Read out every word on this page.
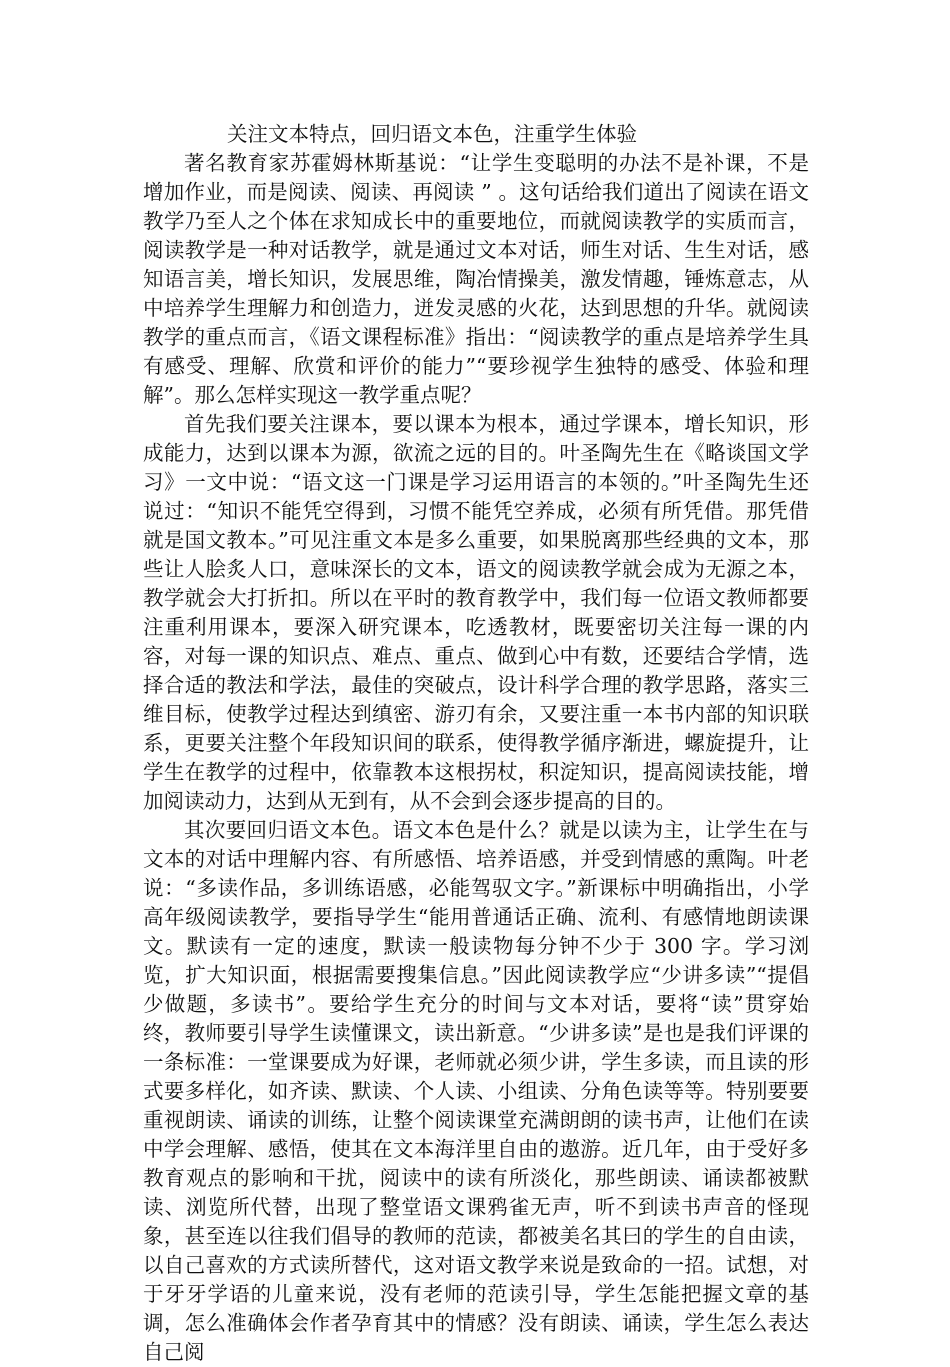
关注文本特点，回归语文本色，注重学生体验

著名教育家苏霍姆林斯基说：“让学生变聪明的办法不是补课，不是增加作业，而是阅读、阅读、再阅读 ” 。这句话给我们道出了阅读在语文教学乃至人之个体在求知成长中的重要地位，而就阅读教学的实质而言，阅读教学是一种对话教学，就是通过文本对话，师生对话、生生对话，感知语言美，增长知识，发展思维，陶冶情操美，激发情趣，锤炼意志，从中培养学生理解力和创造力，迸发灵感的火花，达到思想的升华。就阅读教学的重点而言，《语文课程标准》指出：“阅读教学的重点是培养学生具有感受、理解、欣赏和评价的能力”“要珍视学生独特的感受、体验和理解”。那么怎样实现这一教学重点呢？

首先我们要关注课本，要以课本为根本，通过学课本，增长知识，形成能力，达到以课本为源，欲流之远的目的。叶圣陶先生在《略谈国文学习》一文中说：“语文这一门课是学习运用语言的本领的。”叶圣陶先生还说过：“知识不能凭空得到，习惯不能凭空养成，必须有所凭借。那凭借就是国文教本。”可见注重文本是多么重要，如果脱离那些经典的文本，那些让人脍炙人口，意味深长的文本，语文的阅读教学就会成为无源之本，教学就会大打折扣。所以在平时的教育教学中，我们每一位语文教师都要注重利用课本，要深入研究课本，吃透教材，既要密切关注每一课的内容，对每一课的知识点、难点、重点、做到心中有数，还要结合学情，选择合适的教法和学法，最佳的突破点，设计科学合理的教学思路，落实三维目标，使教学过程达到缜密、游刃有余，又要注重一本书内部的知识联系，更要关注整个年段知识间的联系，使得教学循序渐进，螺旋提升，让学生在教学的过程中，依靠教本这根拐杖，积淀知识，提高阅读技能，增加阅读动力，达到从无到有，从不会到会逐步提高的目的。

其次要回归语文本色。语文本色是什么？就是以读为主，让学生在与文本的对话中理解内容、有所感悟、培养语感，并受到情感的熏陶。叶老说：“多读作品，多训练语感，必能驾驭文字。”新课标中明确指出，小学高年级阅读教学，要指导学生“能用普通话正确、流利、有感情地朗读课文。默读有一定的速度，默读一般读物每分钟不少于 300 字。学习浏览，扩大知识面，根据需要搜集信息。”因此阅读教学应“少讲多读”“提倡少做题，多读书”。要给学生充分的时间与文本对话，要将“读”贯穿始终，教师要引导学生读懂课文，读出新意。“少讲多读”是也是我们评课的一条标准：一堂课要成为好课，老师就必须少讲，学生多读，而且读的形式要多样化，如齐读、默读、个人读、小组读、分角色读等等。特别要要重视朗读、诵读的训练，让整个阅读课堂充满朗朗的读书声，让他们在读中学会理解、感悟，使其在文本海洋里自由的遨游。近几年，由于受好多教育观点的影响和干扰，阅读中的读有所淡化，那些朗读、诵读都被默读、浏览所代替，出现了整堂语文课鸦雀无声，听不到读书声音的怪现象，甚至连以往我们倡导的教师的范读，都被美名其曰的学生的自由读，以自己喜欢的方式读所替代，这对语文教学来说是致命的一招。试想，对于牙牙学语的儿童来说，没有老师的范读引导，学生怎能把握文章的基调，怎么准确体会作者孕育其中的情感？没有朗读、诵读，学生怎么表达自己阅
